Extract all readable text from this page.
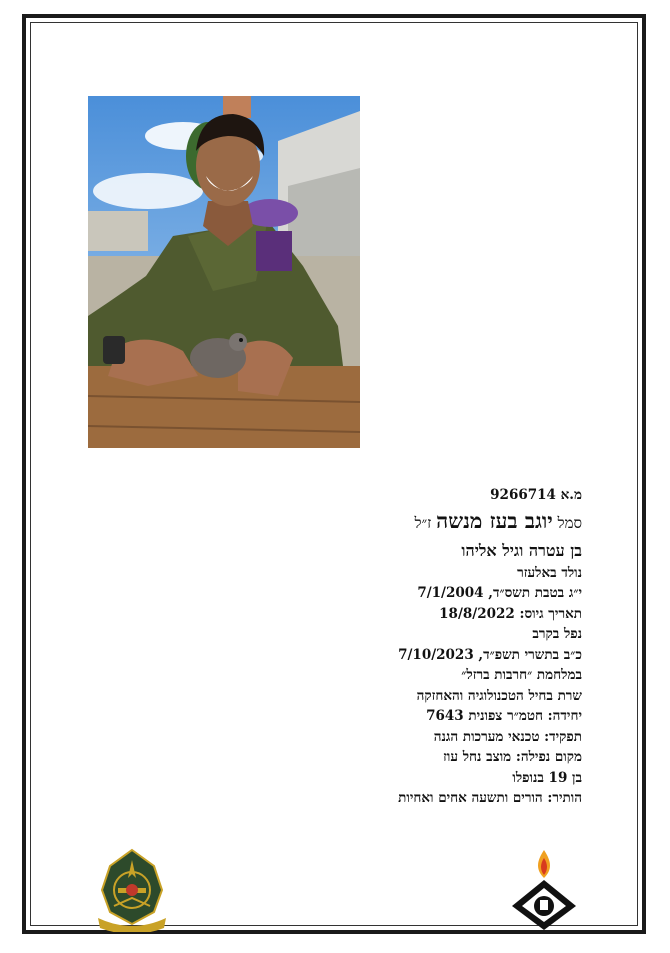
מ.א 9266714
סמל יוגב בעז מנשה ז״ל
בן עטרה וגיל אליהו
נולד באלעזר
י״ג בטבת תשס״ד, 7/1/2004
תאריך גיוס: 18/8/2022
נפל בקרב
כ״ב בתשרי תשפ״ד, 7/10/2023
במלחמת ״חרבות ברזל״
שרת בחיל הטכנולוגיה והאחזקה
יחידה: חטמ״ר צפונית 7643
תפקיד: טכנאי מערכות הגנה
מקום נפילה: מוצב נחל עוז
בן 19 בנופלו
הותיר: הורים ותשעה אחים ואחיות
